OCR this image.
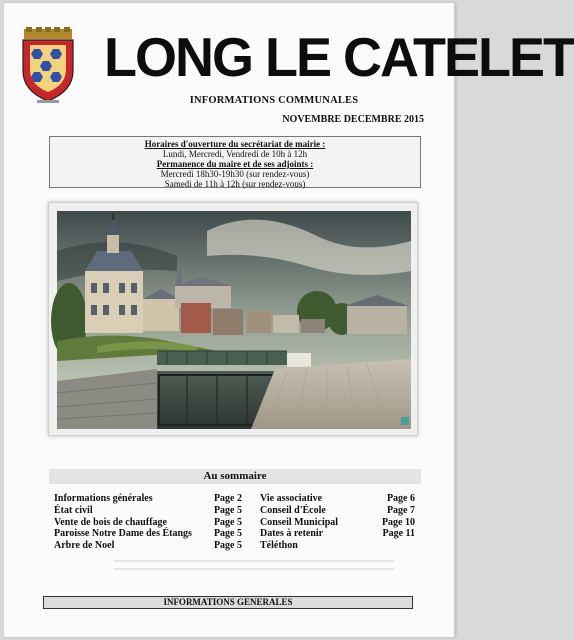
LONG LE CATELET
INFORMATIONS COMMUNALES
NOVEMBRE DECEMBRE 2015
Horaires d'ouverture du secrétariat de mairie :
Lundi, Mercredi, Vendredi de 10h à 12h
Permanence du maire et de ses adjoints :
Mercredi 18h30-19h30 (sur rendez-vous)
Samedi de 11h à 12h (sur rendez-vous)
Au sommaire
Informations générales	Page 2
État civil	Page 5
Vente de bois de chauffage	Page 5
Paroisse Notre Dame des Étangs Page 5
Arbre de Noel	Page 5
Vie associative	Page 6
Conseil d'École	Page 7
Conseil Municipal	Page 10
Dates à retenir	Page 11
Téléthon
INFORMATIONS GENERALES
